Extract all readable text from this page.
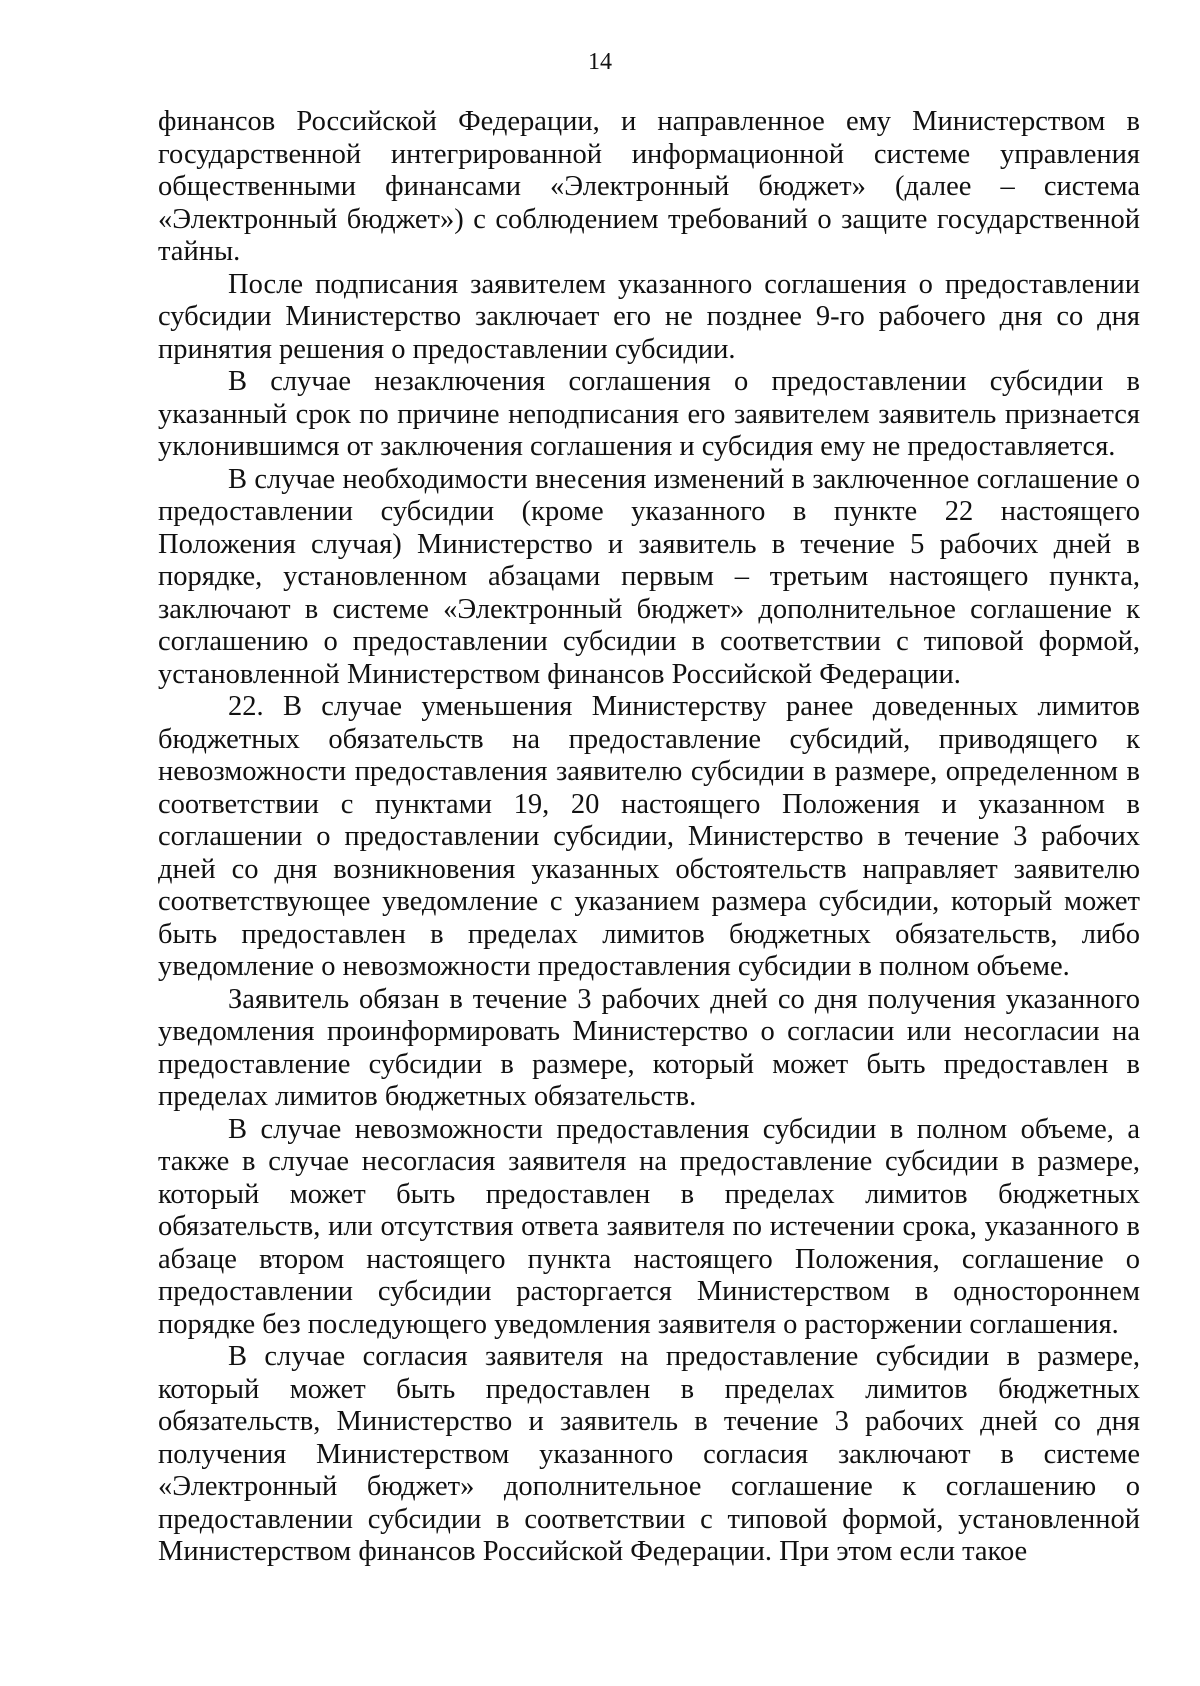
14

финансов Российской Федерации, и направленное ему Министерством в государственной интегрированной информационной системе управления общественными финансами «Электронный бюджет» (далее – система «Электронный бюджет») с соблюдением требований о защите государственной тайны.

После подписания заявителем указанного соглашения о предоставлении субсидии Министерство заключает его не позднее 9-го рабочего дня со дня принятия решения о предоставлении субсидии.

В случае незаключения соглашения о предоставлении субсидии в указанный срок по причине неподписания его заявителем заявитель признается уклонившимся от заключения соглашения и субсидия ему не предоставляется.

В случае необходимости внесения изменений в заключенное соглашение о предоставлении субсидии (кроме указанного в пункте 22 настоящего Положения случая) Министерство и заявитель в течение 5 рабочих дней в порядке, установленном абзацами первым – третьим настоящего пункта, заключают в системе «Электронный бюджет» дополнительное соглашение к соглашению о предоставлении субсидии в соответствии с типовой формой, установленной Министерством финансов Российской Федерации.

22. В случае уменьшения Министерству ранее доведенных лимитов бюджетных обязательств на предоставление субсидий, приводящего к невозможности предоставления заявителю субсидии в размере, определенном в соответствии с пунктами 19, 20 настоящего Положения и указанном в соглашении о предоставлении субсидии, Министерство в течение 3 рабочих дней со дня возникновения указанных обстоятельств направляет заявителю соответствующее уведомление с указанием размера субсидии, который может быть предоставлен в пределах лимитов бюджетных обязательств, либо уведомление о невозможности предоставления субсидии в полном объеме.

Заявитель обязан в течение 3 рабочих дней со дня получения указанного уведомления проинформировать Министерство о согласии или несогласии на предоставление субсидии в размере, который может быть предоставлен в пределах лимитов бюджетных обязательств.

В случае невозможности предоставления субсидии в полном объеме, а также в случае несогласия заявителя на предоставление субсидии в размере, который может быть предоставлен в пределах лимитов бюджетных обязательств, или отсутствия ответа заявителя по истечении срока, указанного в абзаце втором настоящего пункта настоящего Положения, соглашение о предоставлении субсидии расторгается Министерством в одностороннем порядке без последующего уведомления заявителя о расторжении соглашения.

В случае согласия заявителя на предоставление субсидии в размере, который может быть предоставлен в пределах лимитов бюджетных обязательств, Министерство и заявитель в течение 3 рабочих дней со дня получения Министерством указанного согласия заключают в системе «Электронный бюджет» дополнительное соглашение к соглашению о предоставлении субсидии в соответствии с типовой формой, установленной Министерством финансов Российской Федерации. При этом если такое
